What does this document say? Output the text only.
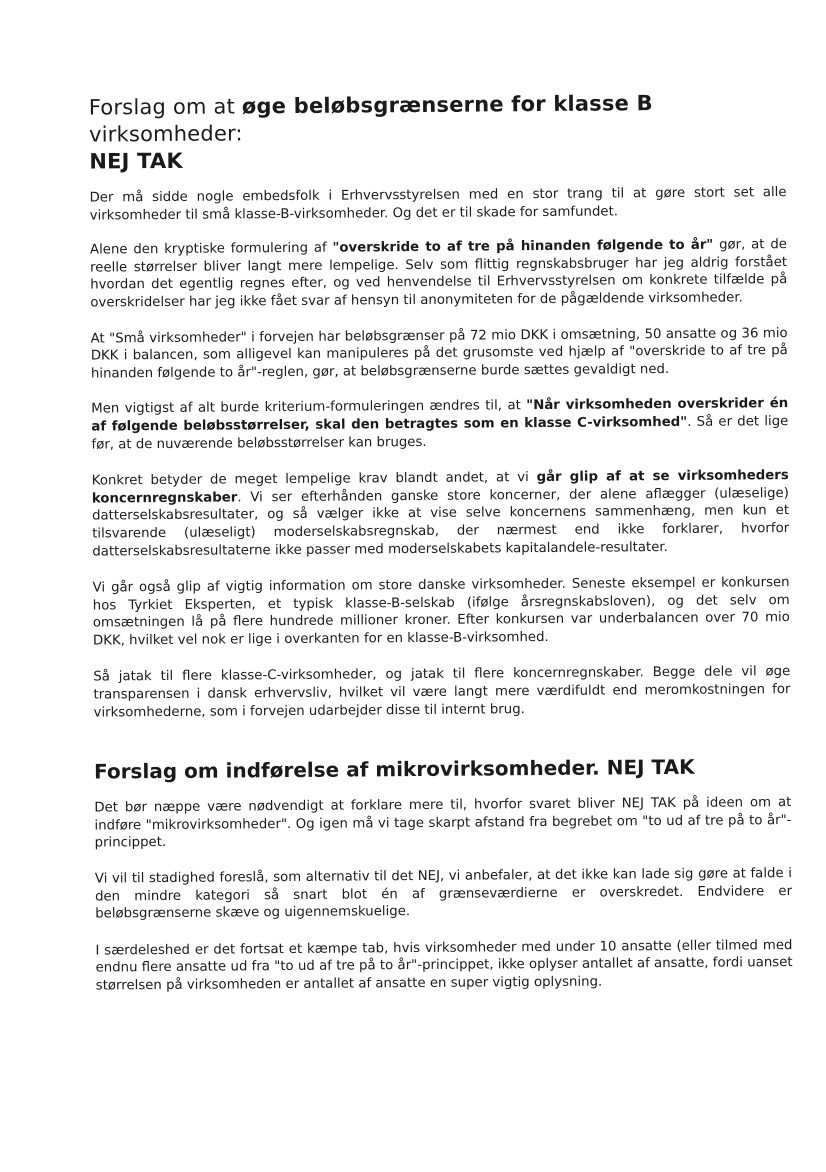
Forslag om at øge beløbsgrænserne for klasse B virksomheder:
NEJ TAK

Der må sidde nogle embedsfolk i Erhvervsstyrelsen med en stor trang til at gøre stort set alle virksomheder til små klasse-B-virksomheder. Og det er til skade for samfundet.

Alene den kryptiske formulering af "overskride to af tre på hinanden følgende to år" gør, at de reelle størrelser bliver langt mere lempelige. Selv som flittig regnskabsbruger har jeg aldrig forstået hvordan det egentlig regnes efter, og ved henvendelse til Erhvervsstyrelsen om konkrete tilfælde på overskridelser har jeg ikke fået svar af hensyn til anonymiteten for de pågældende virksomheder.

At "Små virksomheder" i forvejen har beløbsgrænser på 72 mio DKK i omsætning, 50 ansatte og 36 mio DKK i balancen, som alligevel kan manipuleres på det grusomste ved hjælp af "overskride to af tre på hinanden følgende to år"-reglen, gør, at beløbsgrænserne burde sættes gevaldigt ned.

Men vigtigst af alt burde kriterium-formuleringen ændres til, at "Når virksomheden overskrider én af følgende beløbsstørrelser, skal den betragtes som en klasse C-virksomhed". Så er det lige før, at de nuværende beløbsstørrelser kan bruges.

Konkret betyder de meget lempelige krav blandt andet, at vi går glip af at se virksomheders koncernregnskaber. Vi ser efterhånden ganske store koncerner, der alene aflægger (ulæselige) datterselskabsresultater, og så vælger ikke at vise selve koncernens sammenhæng, men kun et tilsvarende (ulæseligt) moderselskabsregnskab, der nærmest end ikke forklarer, hvorfor datterselskabsresultaterne ikke passer med moderselskabets kapitalandele-resultater.

Vi går også glip af vigtig information om store danske virksomheder. Seneste eksempel er konkursen hos Tyrkiet Eksperten, et typisk klasse-B-selskab (ifølge årsregnskabsloven), og det selv om omsætningen lå på flere hundrede millioner kroner. Efter konkursen var underbalancen over 70 mio DKK, hvilket vel nok er lige i overkanten for en klasse-B-virksomhed.

Så jatak til flere klasse-C-virksomheder, og jatak til flere koncernregnskaber. Begge dele vil øge transparensen i dansk erhvervsliv, hvilket vil være langt mere værdifuldt end meromkostningen for virksomhederne, som i forvejen udarbejder disse til internt brug.

Forslag om indførelse af mikrovirksomheder. NEJ TAK

Det bør næppe være nødvendigt at forklare mere til, hvorfor svaret bliver NEJ TAK på ideen om at indføre "mikrovirksomheder". Og igen må vi tage skarpt afstand fra begrebet om "to ud af tre på to år"-princippet.

Vi vil til stadighed foreslå, som alternativ til det NEJ, vi anbefaler, at det ikke kan lade sig gøre at falde i den mindre kategori så snart blot én af grænseværdierne er overskredet. Endvidere er beløbsgrænserne skæve og uigennemskuelige.

I særdeleshed er det fortsat et kæmpe tab, hvis virksomheder med under 10 ansatte (eller tilmed med endnu flere ansatte ud fra "to ud af tre på to år"-princippet, ikke oplyser antallet af ansatte, fordi uanset størrelsen på virksomheden er antallet af ansatte en super vigtig oplysning.
